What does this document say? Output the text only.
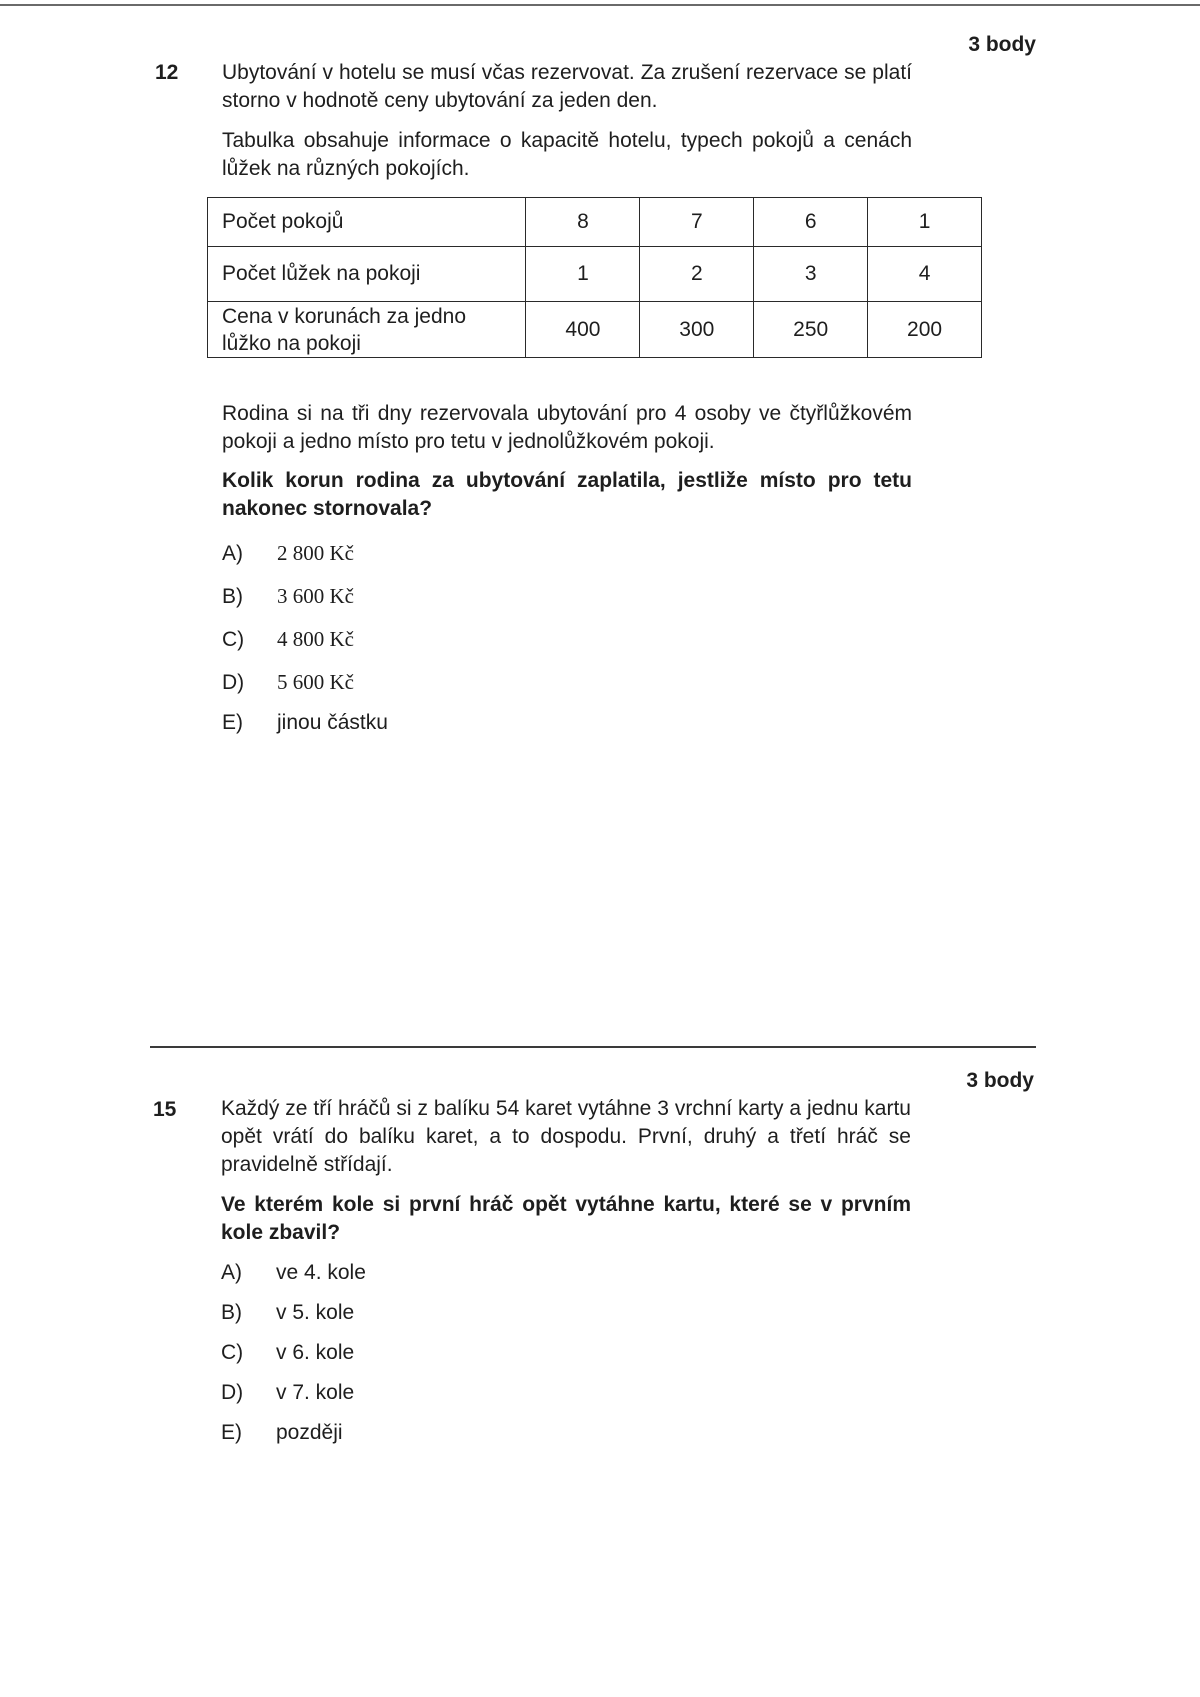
3 body
12 Ubytování v hotelu se musí včas rezervovat. Za zrušení rezervace se platí storno v hodnotě ceny ubytování za jeden den.

Tabulka obsahuje informace o kapacitě hotelu, typech pokojů a cenách lůžek na různých pokojích.

Počet pokojů	8	7	6	1
Počet lůžek na pokoji	1	2	3	4
Cena v korunách za jedno lůžko na pokoji	400	300	250	200

Rodina si na tři dny rezervovala ubytování pro 4 osoby ve čtyřlůžkovém pokoji a jedno místo pro tetu v jednolůžkovém pokoji.

Kolik korun rodina za ubytování zaplatila, jestliže místo pro tetu nakonec stornovala?

A) 2 800 Kč
B) 3 600 Kč
C) 4 800 Kč
D) 5 600 Kč
E) jinou částku
3 body
15 Každý ze tří hráčů si z balíku 54 karet vytáhne 3 vrchní karty a jednu kartu opět vrátí do balíku karet, a to dospodu. První, druhý a třetí hráč se pravidelně střídají.

Ve kterém kole si první hráč opět vytáhne kartu, které se v prvním kole zbavil?

A) ve 4. kole
B) v 5. kole
C) v 6. kole
D) v 7. kole
E) později
